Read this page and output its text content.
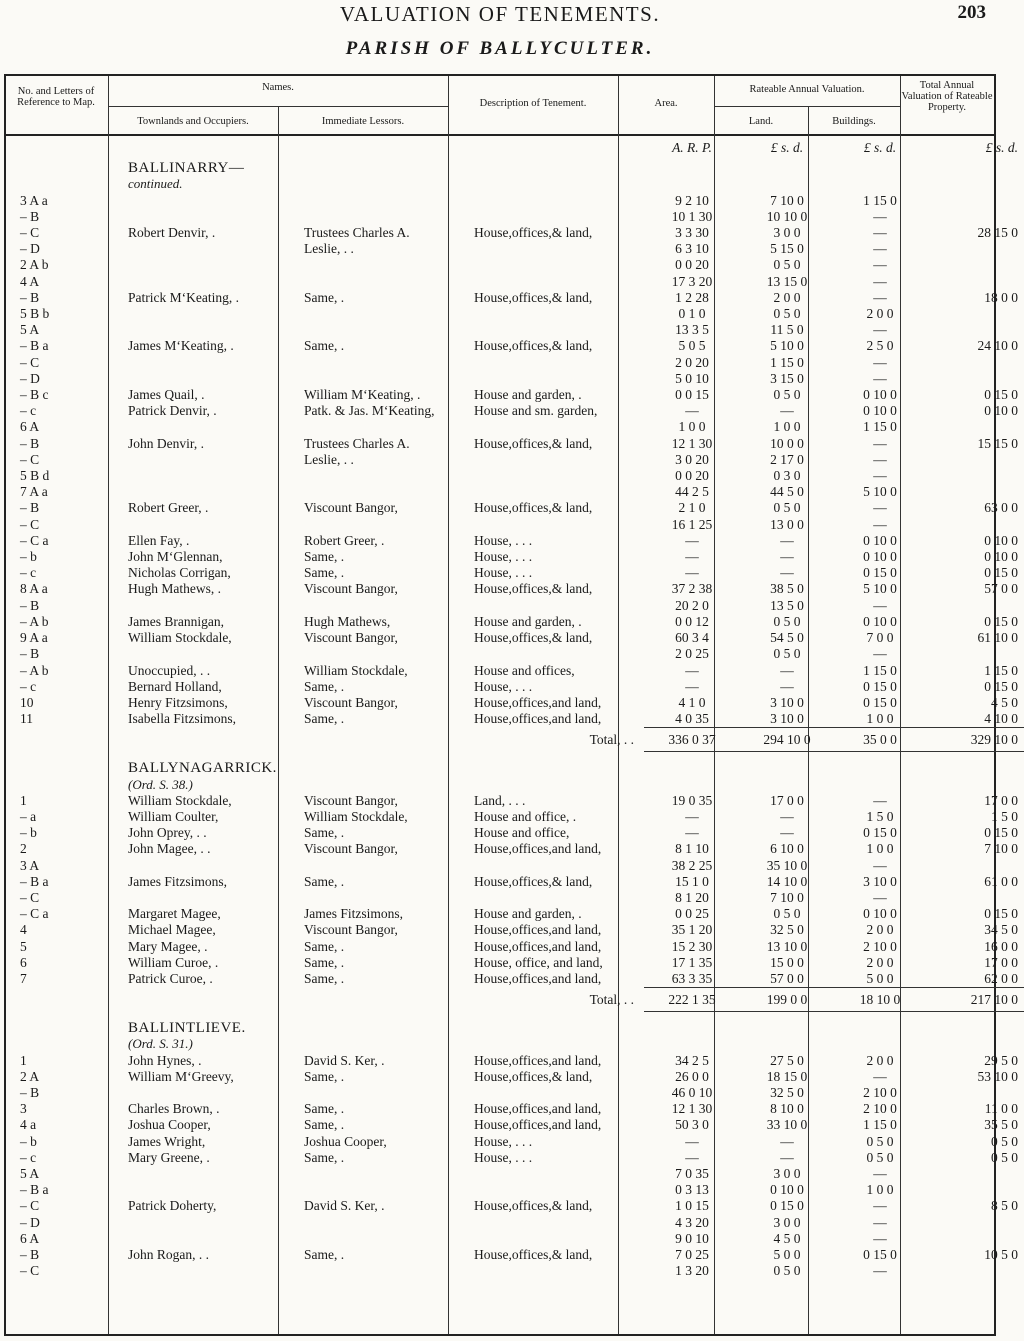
VALUATION OF TENEMENTS.	203
PARISH OF BALLYCULTER.
No. and Letters of Reference to Map.
Names.
Townlands and Occupiers.	Immediate Lessors.
Description of Tenement.	Area.
Rateable Annual Valuation.
Land.	Buildings.
Total Annual Valuation of Rateable Property.
				A. R. P.	£ s. d.	£ s. d.	£ s. d.
	BALLINARRY—						
	continued.						
3 A a				9 2 10	7 10 0	1 15 0	
– B				10 1 30	10 10 0	—	
– C	Robert Denvir, .	Trustees Charles A.	House,offices,& land,	3 3 30	3 0 0	—	28 15 0
– D		Leslie, . .		6 3 10	5 15 0	—	
2 A b				0 0 20	0 5 0	—	
4 A				17 3 20	13 15 0	—	
– B	Patrick M‘Keating, .	Same, .	House,offices,& land,	1 2 28	2 0 0	—	18 0 0
5 B b				0 1 0	0 5 0	2 0 0	
5 A				13 3 5	11 5 0	—	
– B a	James M‘Keating, .	Same, .	House,offices,& land,	5 0 5	5 10 0	2 5 0	24 10 0
– C				2 0 20	1 15 0	—	
– D				5 0 10	3 15 0	—	
– B c	James Quail, .	William M‘Keating, .	House and garden, .	0 0 15	0 5 0	0 10 0	0 15 0
– c	Patrick Denvir, .	Patk. & Jas. M‘Keating,	House and sm. garden,	—	—	0 10 0	0 10 0
6 A				1 0 0	1 0 0	1 15 0	
– B	John Denvir, .	Trustees Charles A.	House,offices,& land,	12 1 30	10 0 0	—	15 15 0
– C		Leslie, . .		3 0 20	2 17 0	—	
5 B d				0 0 20	0 3 0	—	
7 A a				44 2 5	44 5 0	5 10 0	
– B	Robert Greer, .	Viscount Bangor,	House,offices,& land,	2 1 0	0 5 0	—	63 0 0
– C				16 1 25	13 0 0	—	
– C a	Ellen Fay, .	Robert Greer, .	House, . . .	—	—	0 10 0	0 10 0
– b	John M‘Glennan,	Same, .	House, . . .	—	—	0 10 0	0 10 0
– c	Nicholas Corrigan,	Same, .	House, . . .	—	—	0 15 0	0 15 0
8 A a	Hugh Mathews, .	Viscount Bangor,	House,offices,& land,	37 2 38	38 5 0	5 10 0	57 0 0
– B				20 2 0	13 5 0	—	
– A b	James Brannigan,	Hugh Mathews,	House and garden, .	0 0 12	0 5 0	0 10 0	0 15 0
9 A a	William Stockdale,	Viscount Bangor,	House,offices,& land,	60 3 4	54 5 0	7 0 0	61 10 0
– B				2 0 25	0 5 0	—	
– A b	Unoccupied, . .	William Stockdale,	House and offices,	—	—	1 15 0	1 15 0
– c	Bernard Holland,	Same, .	House, . . .	—	—	0 15 0	0 15 0
10	Henry Fitzsimons,	Viscount Bangor,	House,offices,and land,	4 1 0	3 10 0	0 15 0	4 5 0
11	Isabella Fitzsimons,	Same, .	House,offices,and land,	4 0 35	3 10 0	1 0 0	4 10 0
			Total, . .	336 0 37	294 10 0	35 0 0	329 10 0

	BALLYNAGARRICK.						
	(Ord. S. 38.)						
1	William Stockdale,	Viscount Bangor,	Land, . . .	19 0 35	17 0 0	—	17 0 0
– a	William Coulter,	William Stockdale,	House and office, .	—	—	1 5 0	1 5 0
– b	John Oprey, . .	Same, .	House and office,	—	—	0 15 0	0 15 0
2	John Magee, . .	Viscount Bangor,	House,offices,and land,	8 1 10	6 10 0	1 0 0	7 10 0
3 A				38 2 25	35 10 0	—	
– B a	James Fitzsimons,	Same, .	House,offices,& land,	15 1 0	14 10 0	3 10 0	61 0 0
– C				8 1 20	7 10 0	—	
– C a	Margaret Magee,	James Fitzsimons,	House and garden, .	0 0 25	0 5 0	0 10 0	0 15 0
4	Michael Magee,	Viscount Bangor,	House,offices,and land,	35 1 20	32 5 0	2 0 0	34 5 0
5	Mary Magee, .	Same, .	House,offices,and land,	15 2 30	13 10 0	2 10 0	16 0 0
6	William Curoe, .	Same, .	House, office, and land,	17 1 35	15 0 0	2 0 0	17 0 0
7	Patrick Curoe, .	Same, .	House,offices,and land,	63 3 35	57 0 0	5 0 0	62 0 0
			Total, . .	222 1 35	199 0 0	18 10 0	217 10 0

	BALLINTLIEVE.						
	(Ord. S. 31.)						
1	John Hynes, .	David S. Ker, .	House,offices,and land,	34 2 5	27 5 0	2 0 0	29 5 0
2 A	William M‘Greevy,	Same, .	House,offices,& land,	26 0 0	18 15 0	—	53 10 0
– B				46 0 10	32 5 0	2 10 0	
3	Charles Brown, .	Same, .	House,offices,and land,	12 1 30	8 10 0	2 10 0	11 0 0
4 a	Joshua Cooper,	Same, .	House,offices,and land,	50 3 0	33 10 0	1 15 0	35 5 0
– b	James Wright,	Joshua Cooper,	House, . . .	—	—	0 5 0	0 5 0
– c	Mary Greene, .	Same, .	House, . . .	—	—	0 5 0	0 5 0
5 A				7 0 35	3 0 0	—	
– B a				0 3 13	0 10 0	1 0 0	
– C	Patrick Doherty,	David S. Ker, .	House,offices,& land,	1 0 15	0 15 0	—	8 5 0
– D				4 3 20	3 0 0	—	
6 A				9 0 10	4 5 0	—	
– B	John Rogan, . .	Same, .	House,offices,& land,	7 0 25	5 0 0	0 15 0	10 5 0
– C				1 3 20	0 5 0	—	
